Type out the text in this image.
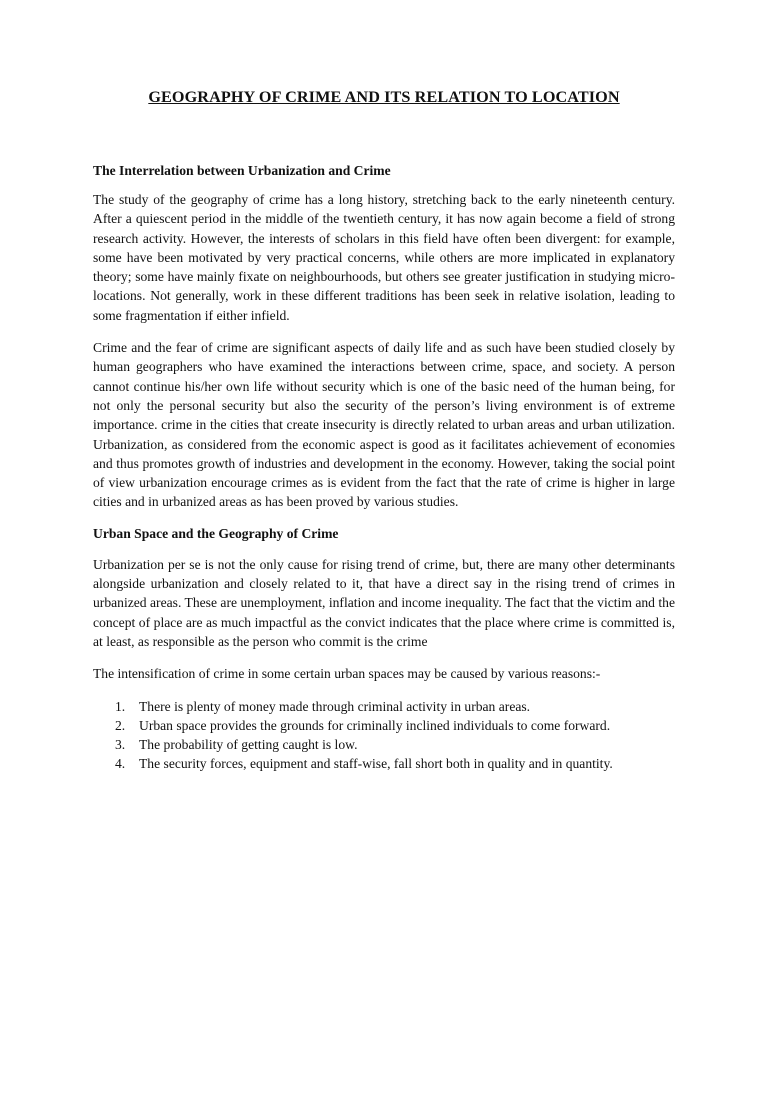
GEOGRAPHY OF CRIME AND ITS RELATION TO LOCATION
The Interrelation between Urbanization and Crime

The study of the geography of crime has a long history, stretching back to the early nineteenth century. After a quiescent period in the middle of the twentieth century, it has now again become a field of strong research activity. However, the interests of scholars in this field have often been divergent: for example, some have been motivated by very practical concerns, while others are more implicated in explanatory theory; some have mainly fixate on neighbourhoods, but others see greater justification in studying micro-locations. Not generally, work in these different traditions has been seek in relative isolation, leading to some fragmentation if either infield.

Crime and the fear of crime are significant aspects of daily life and as such have been studied closely by human geographers who have examined the interactions between crime, space, and society. A person cannot continue his/her own life without security which is one of the basic need of the human being, for not only the personal security but also the security of the person’s living environment is of extreme importance. crime in the cities that create insecurity is directly related to urban areas and urban utilization. Urbanization, as considered from the economic aspect is good as it facilitates achievement of economies and thus promotes growth of industries and development in the economy. However, taking the social point of view urbanization encourage crimes as is evident from the fact that the rate of crime is higher in large cities and in urbanized areas as has been proved by various studies.

Urban Space and the Geography of Crime

Urbanization per se is not the only cause for rising trend of crime, but, there are many other determinants alongside urbanization and closely related to it, that have a direct say in the rising trend of crimes in urbanized areas. These are unemployment, inflation and income inequality. The fact that the victim and the concept of place are as much impactful as the convict indicates that the place where crime is committed is, at least, as responsible as the person who commit is the crime

The intensification of crime in some certain urban spaces may be caused by various reasons:-

1. There is plenty of money made through criminal activity in urban areas.
2. Urban space provides the grounds for criminally inclined individuals to come forward.
3. The probability of getting caught is low.
4. The security forces, equipment and staff-wise, fall short both in quality and in quantity.
